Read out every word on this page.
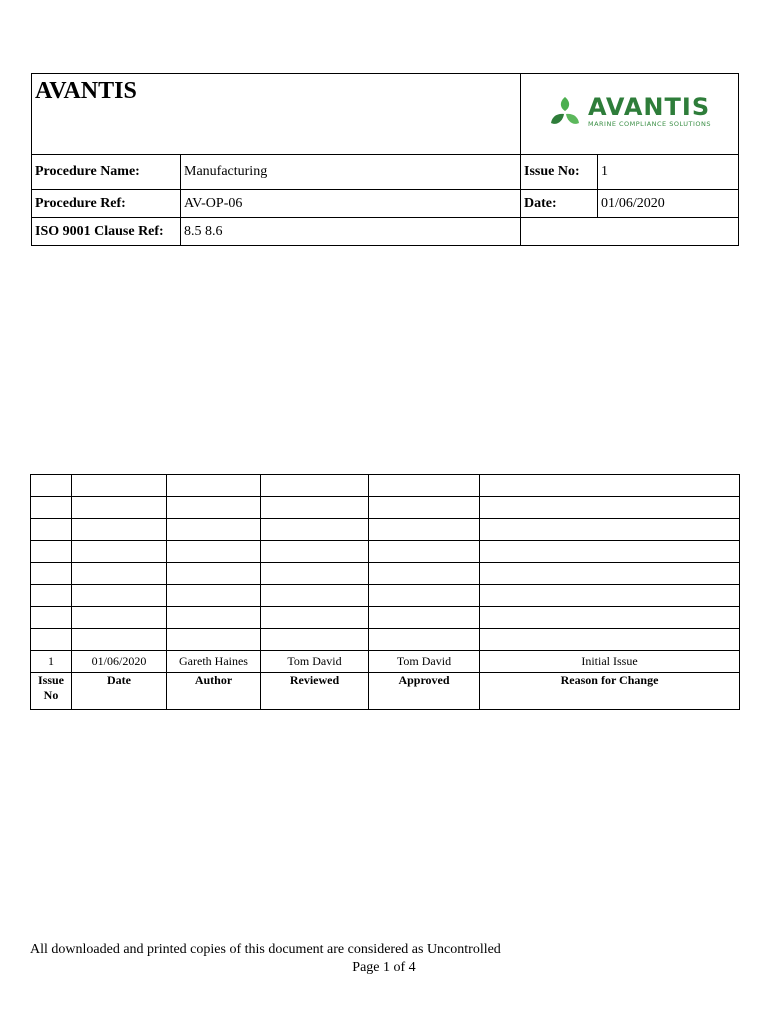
AVANTIS		AVANTIS
MARINE COMPLIANCE SOLUTIONS	

Procedure Name:	Manufacturing	Issue No:	1
Procedure Ref:	AV-OP-06	Date:	01/06/2020
ISO 9001 Clause Ref:	8.5 8.6		

1	01/06/2020	Gareth Haines	Tom David	Tom David	Initial Issue
Issue
No	Date	Author	Reviewed	Approved	Reason for Change
All downloaded and printed copies of this document are considered as Uncontrolled
Page 1 of 4
